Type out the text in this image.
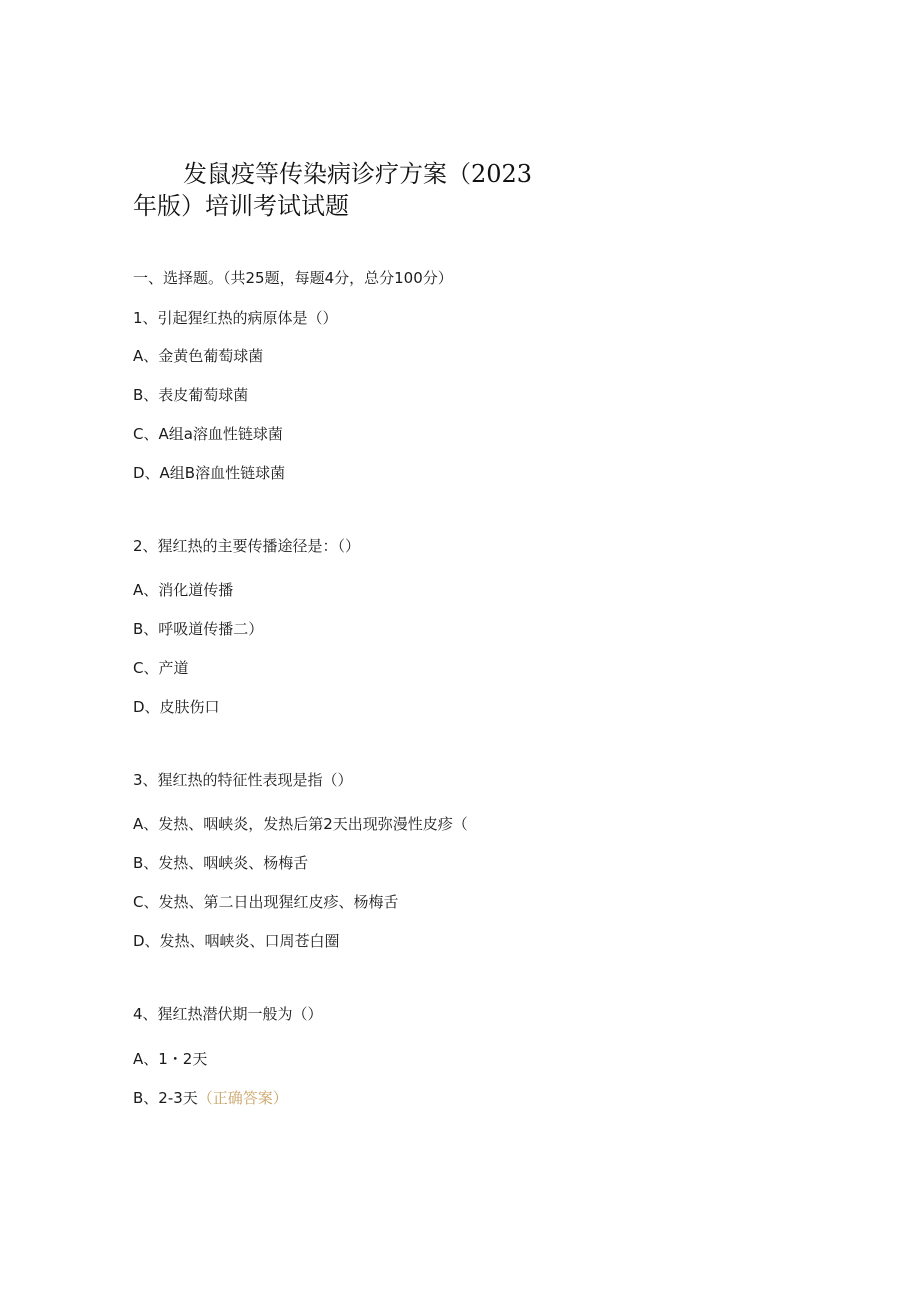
发鼠疫等传染病诊疗方案（2023
年版）培训考试试题
一、选择题。（共25题，每题4分，总分100分）
1、引起猩红热的病原体是（）
A、金黄色葡萄球菌
B、表皮葡萄球菌
C、A组a溶血性链球菌
D、A组B溶血性链球菌
2、猩红热的主要传播途径是：（）
A、消化道传播
B、呼吸道传播二）
C、产道
D、皮肤伤口
3、猩红热的特征性表现是指（）
A、发热、咽峡炎，发热后第2天出现弥漫性皮疹（
B、发热、咽峡炎、杨梅舌
C、发热、第二日出现猩红皮疹、杨梅舌
D、发热、咽峡炎、口周苍白圈
4、猩红热潜伏期一般为（）
A、1・2天
B、2-3天（正确答案）
